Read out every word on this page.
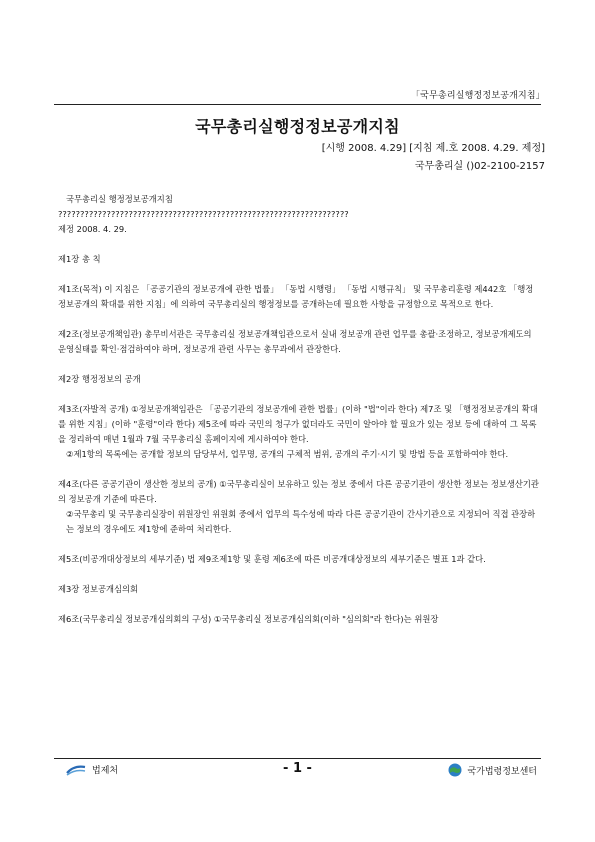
「국무총리실행정정보공개지침」
국무총리실행정정보공개지침
[시행 2008. 4.29] [지침 제.호 2008. 4.29. 제정]
국무총리실 ()02-2100-2157

국무총리실 행정정보공개지침

??????????????????????????????????????????????????????????????????

제정 2008. 4. 29.

제1장 총 칙

제1조(목적) 이 지침은 「공공기관의 정보공개에 관한 법률」 「동법 시행령」 「동법 시행규칙」 및 국무총리훈령 제442호 「행정정보공개의 확대를 위한 지침」에 의하여 국무총리실의 행정정보를 공개하는데 필요한 사항을 규정함으로 목적으로 한다.

제2조(정보공개책임관) 총무비서관은 국무총리실 정보공개책임관으로서 실내 정보공개 관련 업무를 총괄·조정하고, 정보공개제도의 운영실태를 확인·점검하여야 하며, 정보공개 관련 사무는 총무과에서 관장한다.

제2장 행정정보의 공개

제3조(자발적 공개) ①정보공개책임관은 「공공기관의 정보공개에 관한 법률」(이하 "법"이라 한다) 제7조 및 「행정정보공개의 확대를 위한 지침」(이하 "훈령"이라 한다) 제5조에 따라 국민의 청구가 없더라도 국민이 알아야 할 필요가 있는 정보 등에 대하여 그 목록을 정리하여 매년 1월과 7월 국무총리실 홈페이지에 게시하여야 한다.

②제1항의 목록에는 공개할 정보의 담당부서, 업무명, 공개의 구체적 범위, 공개의 주기·시기 및 방법 등을 포함하여야 한다.

제4조(다른 공공기관이 생산한 정보의 공개) ①국무총리실이 보유하고 있는 정보 중에서 다른 공공기관이 생산한 정보는 정보생산기관의 정보공개 기준에 따른다.

②국무총리 및 국무총리실장이 위원장인 위원회 중에서 업무의 특수성에 따라 다른 공공기관이 간사기관으로 지정되어 직접 관장하는 정보의 경우에도 제1항에 준하여 처리한다.

제5조(비공개대상정보의 세부기준) 법 제9조제1항 및 훈령 제6조에 따른 비공개대상정보의 세부기준은 별표 1과 같다.

제3장 정보공개심의회

제6조(국무총리실 정보공개심의회의 구성) ①국무총리실 정보공개심의회(이하 "심의회"라 한다)는 위원장

법제처	- 1 -	국가법령정보센터
